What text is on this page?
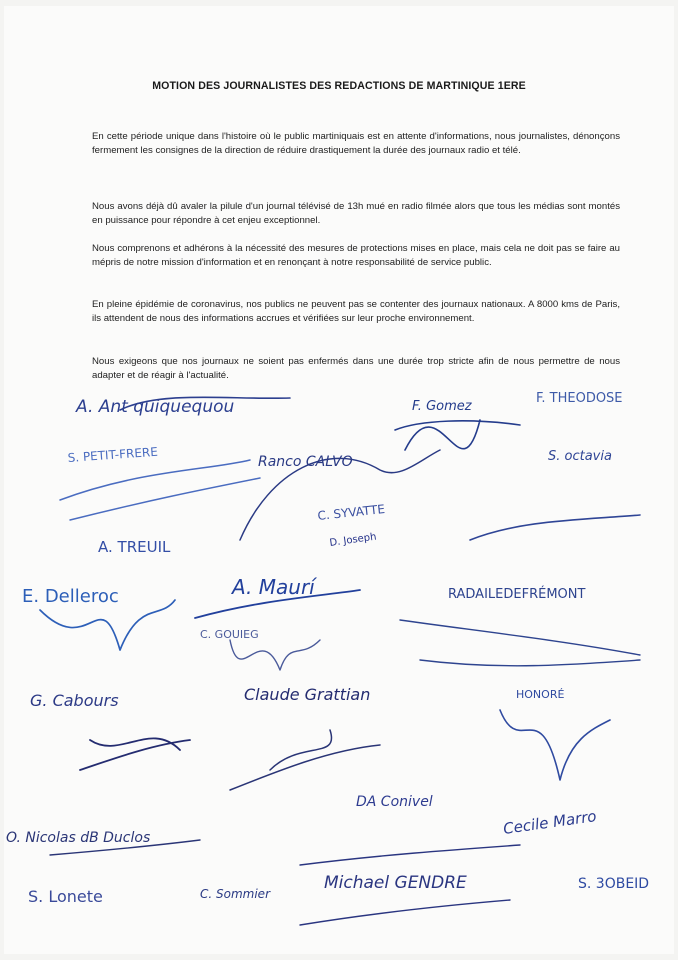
MOTION DES JOURNALISTES DES REDACTIONS DE MARTINIQUE 1ERE

En cette période unique dans l'histoire où le public martiniquais est en attente d'informations, nous journalistes, dénonçons fermement les consignes de la direction de réduire drastiquement la durée des journaux radio et télé.

Nous avons déjà dû avaler la pilule d'un journal télévisé de 13h mué en radio filmée alors que tous les médias sont montés en puissance pour répondre à cet enjeu exceptionnel.

Nous comprenons et adhérons à la nécessité des mesures de protections mises en place, mais cela ne doit pas se faire au mépris de notre mission d'information et en renonçant à notre responsabilité de service public.

En pleine épidémie de coronavirus, nos publics ne peuvent pas se contenter des journaux nationaux. A 8000 kms de Paris, ils attendent de nous des informations accrues et vérifiées sur leur proche environnement.

Nous exigeons que nos journaux ne soient pas enfermés dans une durée trop stricte afin de nous permettre de nous adapter et de réagir à l'actualité.

A. Ant quiquequou	F. Gomez
F. THEODOSE
S. PETIT-FRERE	Ranco CALVO	S. octavia
C. SYVATTE
D. Joseph
A. TREUIL
E. Delleroc	A. Maurí	RADAILEDEFRÉMONT
C. GOUIEG
G. Cabours	Claude Grattian	HONORÉ
DA Conivel
Cecile Marro
O. Nicolas dB Duclos
S. Lonete	C. Sommier
Michael GENDRE	S. 3OBEID
